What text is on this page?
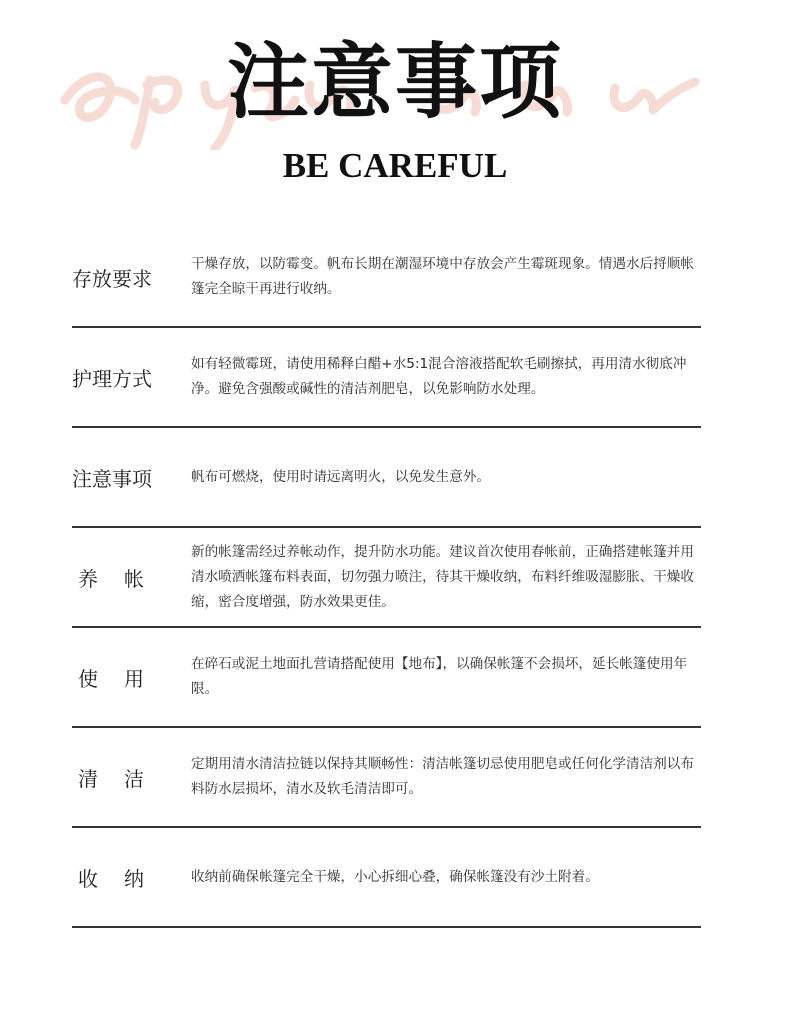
注意事项
BE CAREFUL
存放要求
干燥存放，以防霉变。帆布长期在潮湿环境中存放会产生霉斑现象。情遇水后捋顺帐篷完全晾干再进行收纳。
护理方式
如有轻微霉斑，请使用稀释白醋+水5:1混合溶液搭配软毛刷擦拭，再用清水彻底冲净。避免含强酸或碱性的清洁剂肥皂，以免影响防水处理。
注意事项	帆布可燃烧，使用时请远离明火，以免发生意外。
养帐
新的帐篷需经过养帐动作，提升防水功能。建议首次使用春帐前，正确搭建帐篷并用清水喷洒帐篷布料表面，切勿强力喷注，待其干燥收纳，布料纤维吸湿膨胀、干燥收缩，密合度增强，防水效果更佳。
使用
在碎石或泥土地面扎营请搭配使用【地布】，以确保帐篷不会损坏，延长帐篷使用年限。
清洁
定期用清水清洁拉链以保持其顺畅性：清洁帐篷切忌使用肥皂或任何化学清洁剂以布料防水层损坏，清水及软毛清洁即可。
收纳	收纳前确保帐篷完全干燥，小心拆细心叠，确保帐篷没有沙土附着。
